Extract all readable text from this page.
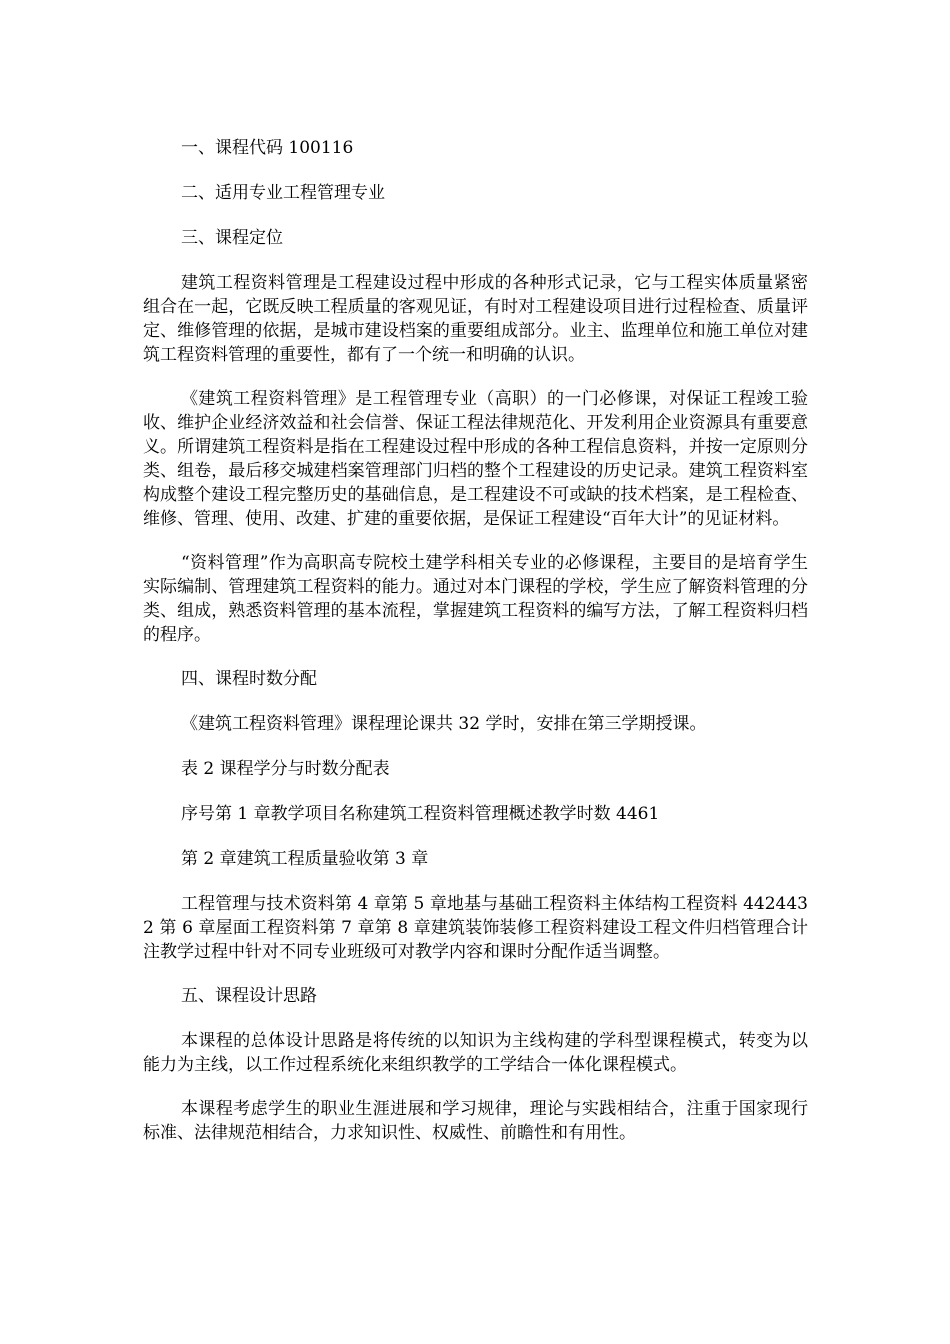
一、课程代码 100116

二、适用专业工程管理专业

三、课程定位

建筑工程资料管理是工程建设过程中形成的各种形式记录，它与工程实体质量紧密组合在一起，它既反映工程质量的客观见证，有时对工程建设项目进行过程检查、质量评定、维修管理的依据，是城市建设档案的重要组成部分。业主、监理单位和施工单位对建筑工程资料管理的重要性，都有了一个统一和明确的认识。

《建筑工程资料管理》是工程管理专业（高职）的一门必修课，对保证工程竣工验收、维护企业经济效益和社会信誉、保证工程法律规范化、开发利用企业资源具有重要意义。所谓建筑工程资料是指在工程建设过程中形成的各种工程信息资料，并按一定原则分类、组卷，最后移交城建档案管理部门归档的整个工程建设的历史记录。建筑工程资料室构成整个建设工程完整历史的基础信息，是工程建设不可或缺的技术档案，是工程检查、维修、管理、使用、改建、扩建的重要依据，是保证工程建设“百年大计”的见证材料。

“资料管理”作为高职高专院校土建学科相关专业的必修课程，主要目的是培育学生实际编制、管理建筑工程资料的能力。通过对本门课程的学校，学生应了解资料管理的分类、组成，熟悉资料管理的基本流程，掌握建筑工程资料的编写方法，了解工程资料归档的程序。

四、课程时数分配

《建筑工程资料管理》课程理论课共 32 学时，安排在第三学期授课。

表 2 课程学分与时数分配表

序号第 1 章教学项目名称建筑工程资料管理概述教学时数 4461

第 2 章建筑工程质量验收第 3 章

工程管理与技术资料第 4 章第 5 章地基与基础工程资料主体结构工程资料 4424432 第 6 章屋面工程资料第 7 章第 8 章建筑装饰装修工程资料建设工程文件归档管理合计注教学过程中针对不同专业班级可对教学内容和课时分配作适当调整。

五、课程设计思路

本课程的总体设计思路是将传统的以知识为主线构建的学科型课程模式，转变为以能力为主线，以工作过程系统化来组织教学的工学结合一体化课程模式。

本课程考虑学生的职业生涯进展和学习规律，理论与实践相结合，注重于国家现行标准、法律规范相结合，力求知识性、权威性、前瞻性和有用性。
